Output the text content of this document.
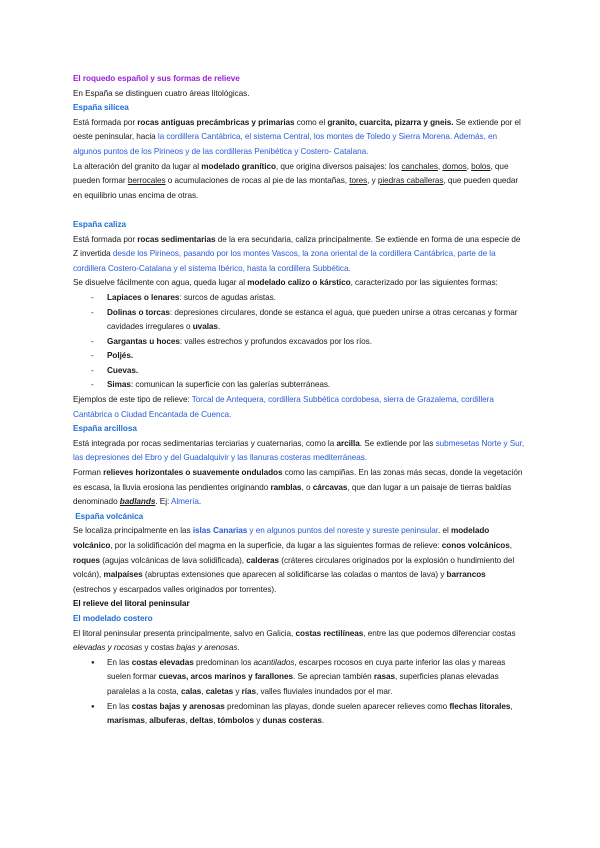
El roquedo español y sus formas de relieve

En España se distinguen cuatro áreas litológicas.

España silícea

Está formada por rocas antiguas precámbricas y primarias como el granito, cuarcita, pizarra y gneis. Se extiende por el oeste peninsular, hacia la cordillera Cantábrica, el sistema Central, los montes de Toledo y Sierra Morena. Además, en algunos puntos de los Pirineos y de las cordilleras Penibética y Costero- Catalana.

La alteración del granito da lugar al modelado granítico, que origina diversos paisajes: los canchales, domos, bolos, que pueden formar berrocales o acumulaciones de rocas al pie de las montañas, tores, y piedras caballeras, que pueden quedar en equilibrio unas encima de otras.

España caliza

Está formada por rocas sedimentarias de la era secundaria, caliza principalmente. Se extiende en forma de una especie de Z invertida desde los Pirineos, pasando por los montes Vascos, la zona oriental de la cordillera Cantábrica, parte de la cordillera Costero-Catalana y el sistema Ibérico, hasta la cordillera Subbética.

Se disuelve fácilmente con agua, queda lugar al modelado calizo o kárstico, caracterizado por las siguientes formas:

- Lapiaces o lenares: surcos de agudas aristas.
- Dolinas o torcas: depresiones circulares, donde se estanca el agua, que pueden unirse a otras cercanas y formar cavidades irregulares o uvalas.
- Gargantas u hoces: valles estrechos y profundos excavados por los ríos.
- Poljés.
- Cuevas.
- Simas: comunican la superficie con las galerías subterráneas.

Ejemplos de este tipo de relieve: Torcal de Antequera, cordillera Subbética cordobesa, sierra de Grazalema, cordillera Cantábrica o Ciudad Encantada de Cuenca.

España arcillosa

Está integrada por rocas sedimentarias terciarias y cuaternarias, como la arcilla. Se extiende por las submesetas Norte y Sur, las depresiones del Ebro y del Guadalquivir y las llanuras costeras mediterráneas.

Forman relieves horizontales o suavemente ondulados como las campiñas. En las zonas más secas, donde la vegetación es escasa, la lluvia erosiona las pendientes originando ramblas, o cárcavas, que dan lugar a un paisaje de tierras baldías denominado badlands. Ej: Almería.

España volcánica

Se localiza principalmente en las islas Canarias y en algunos puntos del noreste y sureste peninsular. el modelado volcánico, por la solidificación del magma en la superficie, da lugar a las siguientes formas de relieve: conos volcánicos, roques (agujas volcánicas de lava solidificada), calderas (cráteres circulares originados por la explosión o hundimiento del volcán), malpaíses (abruptas extensiones que aparecen al solidificarse las coladas o mantos de lava) y barrancos (estrechos y escarpados valles originados por torrentes).

El relieve del litoral peninsular

El modelado costero

El litoral peninsular presenta principalmente, salvo en Galicia, costas rectilíneas, entre las que podemos diferenciar costas elevadas y rocosas y costas bajas y arenosas.

● En las costas elevadas predominan los acantilados, escarpes rocosos en cuya parte inferior las olas y mareas suelen formar cuevas, arcos marinos y farallones. Se aprecian también rasas, superficies planas elevadas paralelas a la costa, calas, caletas y rías, valles fluviales inundados por el mar.
● En las costas bajas y arenosas predominan las playas, donde suelen aparecer relieves como flechas litorales, marismas, albuferas, deltas, tómbolos y dunas costeras.
